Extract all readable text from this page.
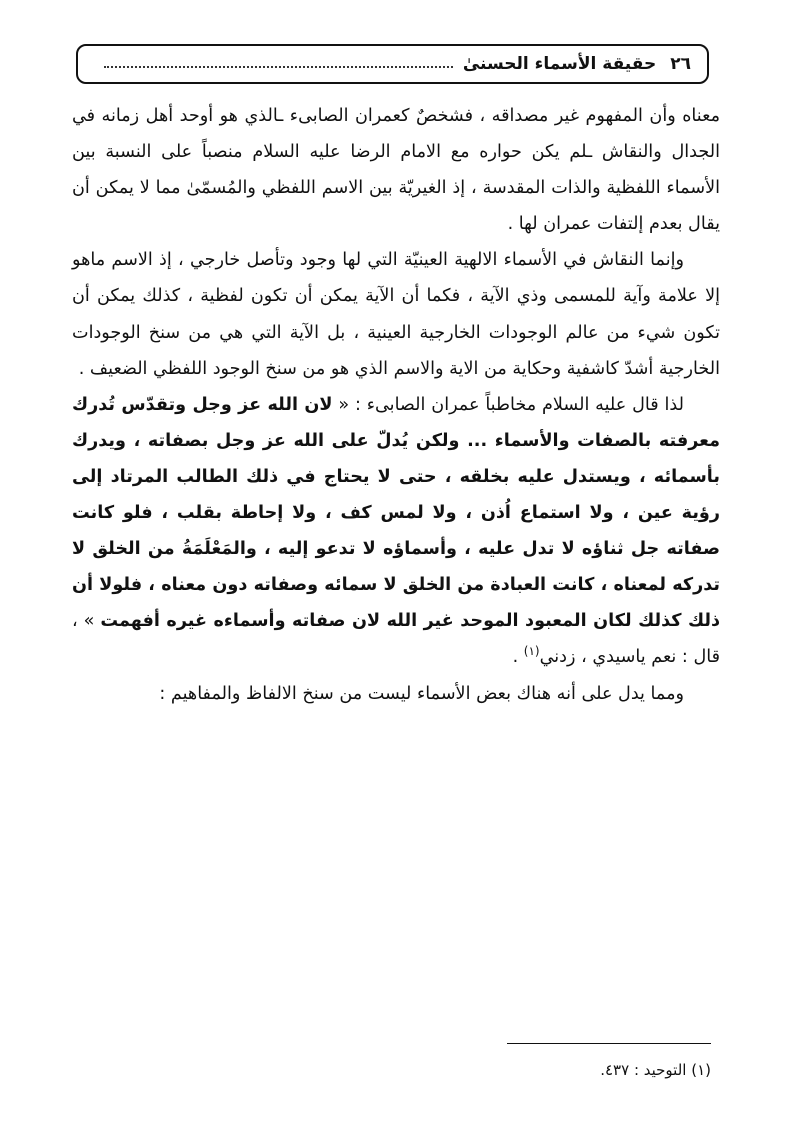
٢٦
حقيقة الأسماء الحسنىٰ

معناه وأن المفهوم غير مصداقه ، فشخصٌ كعمران الصابىء ـالذي هو أوحد أهل زمانه في الجدال والنقاش ـلم يكن حواره مع الامام الرضا عليه السلام منصباً على النسبة بين الأسماء اللفظية والذات المقدسة ، إذ الغيريّة بين الاسم اللفظي والمُسمّىٰ مما لا يمكن أن يقال بعدم إلتفات عمران لها .

وإنما النقاش في الأسماء الالهية العينيّة التي لها وجود وتأصل خارجي ، إذ الاسم ماهو إلا علامة وآية للمسمى وذي الآية ، فكما أن الآية يمكن أن تكون لفظية ، كذلك يمكن أن تكون شيء من عالم الوجودات الخارجية العينية ، بل الآية التي هي من سنخ الوجودات الخارجية أشدّ كاشفية وحكاية من الاية والاسم الذي هو من سنخ الوجود اللفظي الضعيف .

لذا قال عليه السلام مخاطباً عمران الصابىء : « لان الله عز وجل وتقدّس تُدرك معرفته بالصفات والأسماء ... ولكن يُدلّ على الله عز وجل بصفاته ، ويدرك بأسمائه ، ويستدل عليه بخلقه ، حتى لا يحتاج في ذلك الطالب المرتاد إلى رؤية عين ، ولا استماع اُذن ، ولا لمس كف ، ولا إحاطة بقلب ، فلو كانت صفاته جل ثناؤه لا تدل عليه ، وأسماؤه لا تدعو إليه ، والمَعْلَمَةُ من الخلق لا تدركه لمعناه ، كانت العبادة من الخلق لا سمائه وصفاته دون معناه ، فلولا أن ذلك كذلك لكان المعبود الموحد غير الله لان صفاته وأسماءه غيره أفهمت » ، قال : نعم ياسيدي ، زدني$^{(١)}$ .

ومما يدل على أنه هناك بعض الأسماء ليست من سنخ الالفاظ والمفاهيم :

(١) التوحيد : ٤٣٧.
